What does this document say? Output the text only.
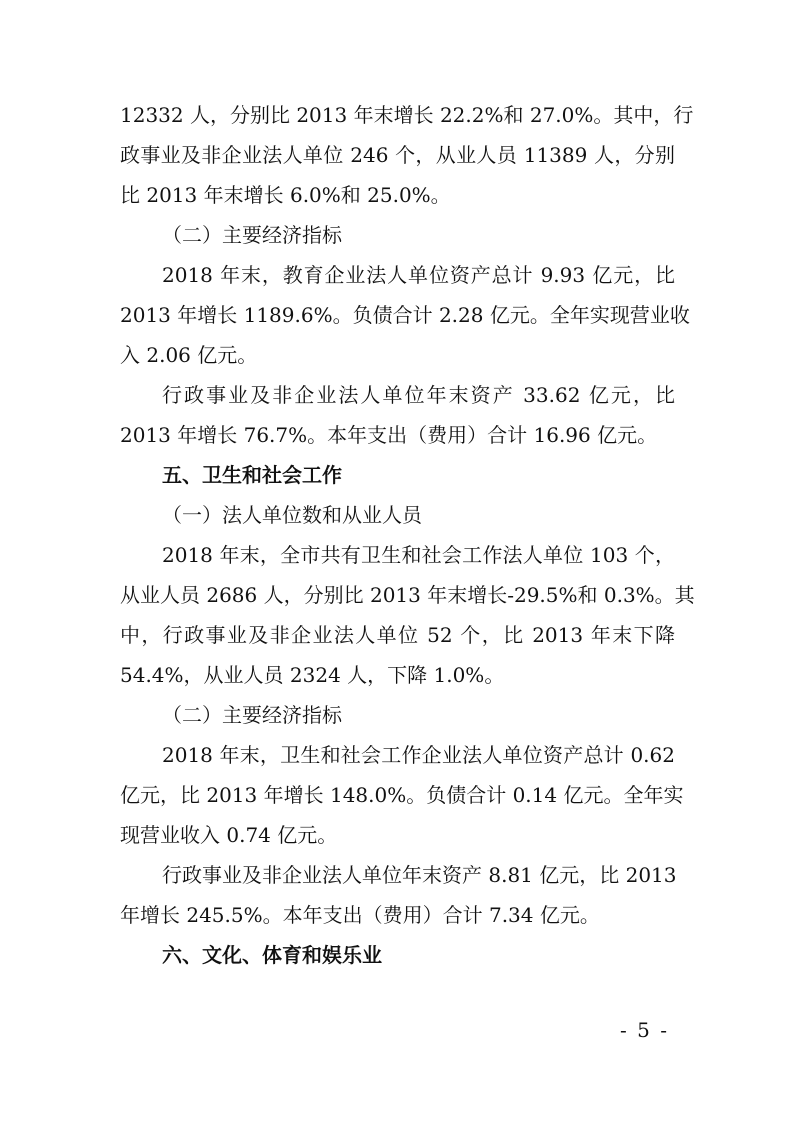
12332 人，分别比 2013 年末增长 22.2%和 27.0%。其中，行
政事业及非企业法人单位 246 个，从业人员 11389 人，分别
比 2013 年末增长 6.0%和 25.0%。
（二）主要经济指标
2018 年末，教育企业法人单位资产总计 9.93 亿元，比
2013 年增长 1189.6%。负债合计 2.28 亿元。全年实现营业收
入 2.06 亿元。
行政事业及非企业法人单位年末资产 33.62 亿元，比
2013 年增长 76.7%。本年支出（费用）合计 16.96 亿元。
五、卫生和社会工作
（一）法人单位数和从业人员
2018 年末，全市共有卫生和社会工作法人单位 103 个，
从业人员 2686 人，分别比 2013 年末增长-29.5%和 0.3%。其
中，行政事业及非企业法人单位 52 个，比 2013 年末下降
54.4%，从业人员 2324 人，下降 1.0%。
（二）主要经济指标
2018 年末，卫生和社会工作企业法人单位资产总计 0.62
亿元，比 2013 年增长 148.0%。负债合计 0.14 亿元。全年实
现营业收入 0.74 亿元。
行政事业及非企业法人单位年末资产 8.81 亿元，比 2013
年增长 245.5%。本年支出（费用）合计 7.34 亿元。
六、文化、体育和娱乐业
- 5 -
